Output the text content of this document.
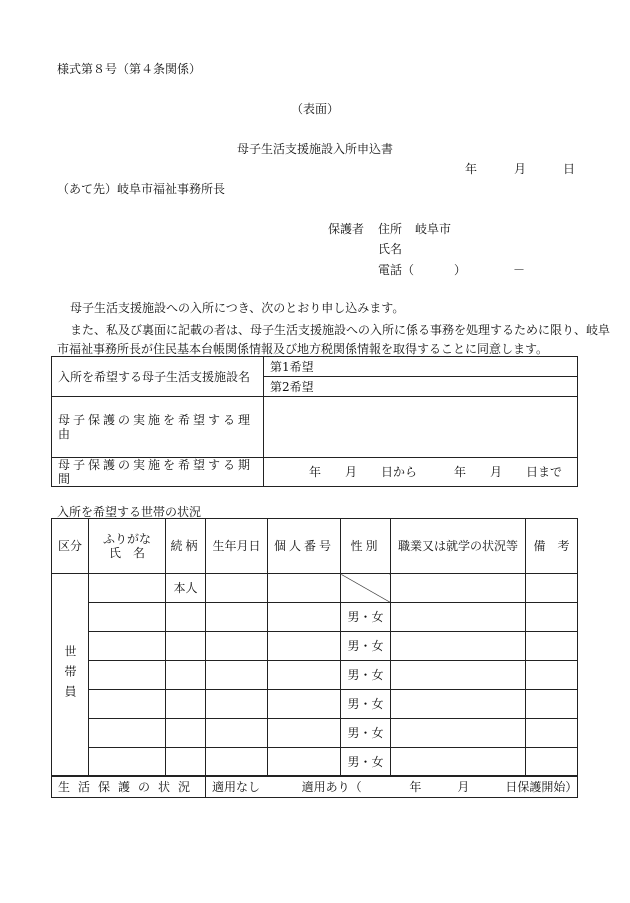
様式第８号（第４条関係）
（表面）
母子生活支援施設入所申込書
年	月	日
（あて先）岐阜市福祉事務所長
保護者 住所 岐阜市
氏名
電話（	）	－
母子生活支援施設への入所につき、次のとおり申し込みます。
また、私及び裏面に記載の者は、母子生活支援施設への入所に係る事務を処理するために限り、岐阜
市福祉事務所長が住民基本台帳関係情報及び地方税関係情報を取得することに同意します。
入所を希望する母子生活支援施設名	第1希望
	第2希望
母子保護の実施を希望する理由	
母子保護の実施を希望する期間	年　　月　　日から 年　　月　　日まで
入所を希望する世帯の状況
区分	ふりがな
氏　名	続柄	生年月日	個人番号	性別	職業又は就学の状況等	備　考

世帯員		本人					
					男・女		
					男・女		
					男・女		
					男・女		
					男・女		
					男・女		
生活保護の状況	適用なし	適用あり（	年　　　月　　　日保護開始）
